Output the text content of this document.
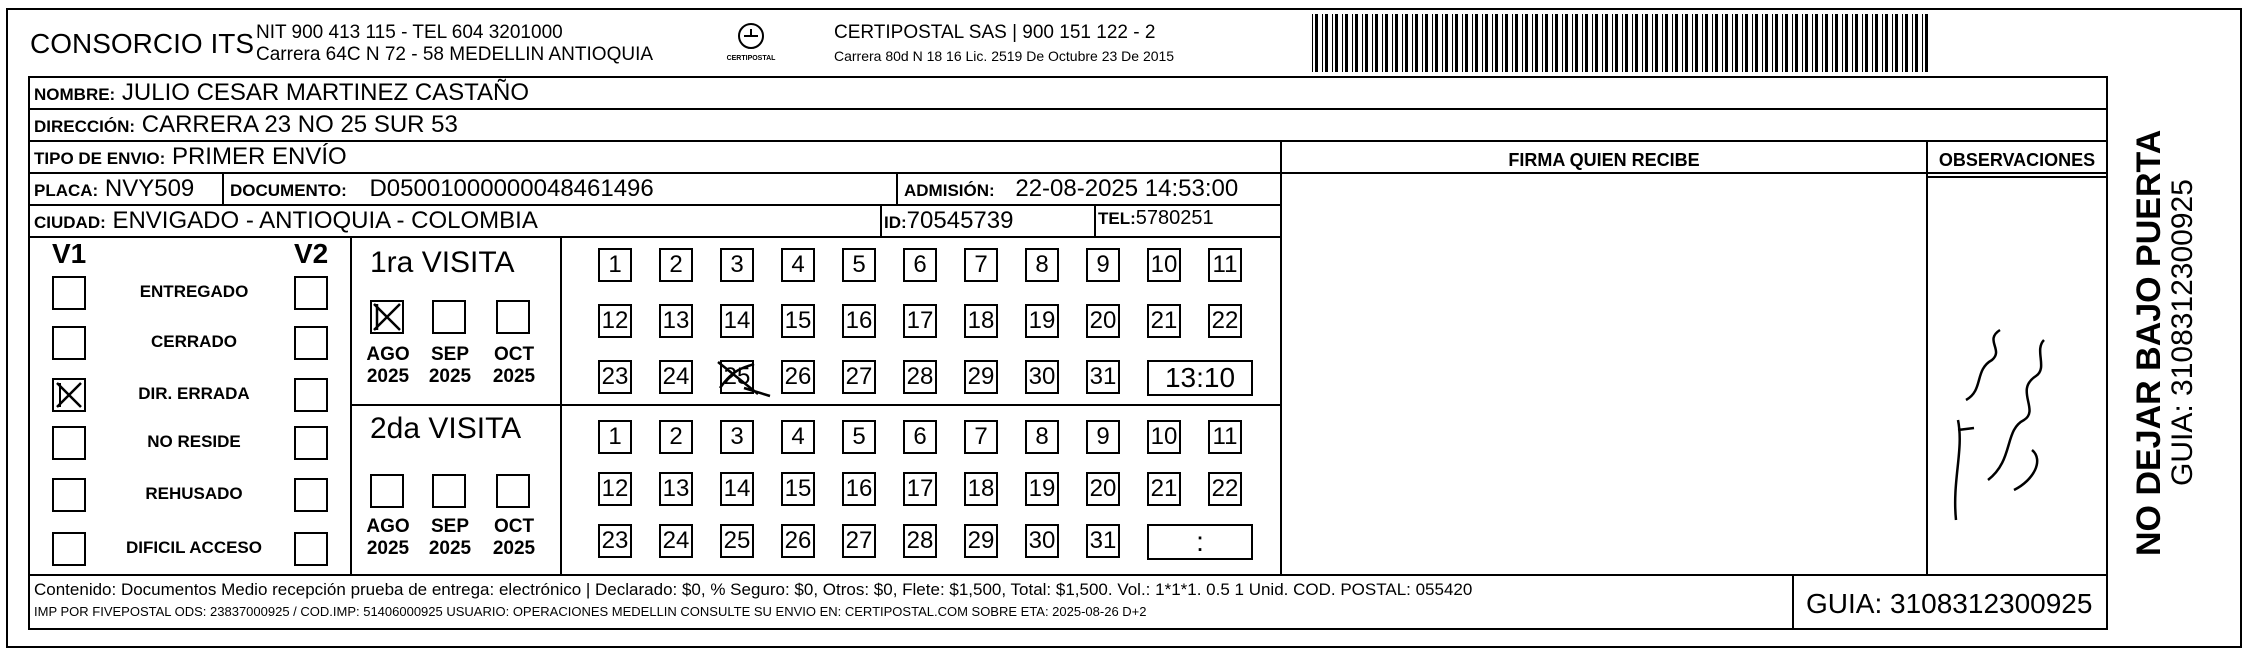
CONSORCIO ITS NIT 900 413 115 - TEL 604 3201000
Carrera 64C N 72 - 58 MEDELLIN ANTIOQUIA	CERTIPOSTAL
CERTIPOSTAL SAS | 900 151 122 - 2
Carrera 80d N 18 16 Lic. 2519 De Octubre 23 De 2015
NOMBRE: JULIO CESAR MARTINEZ CASTAÑO
DIRECCIÓN: CARRERA 23 NO 25 SUR 53
TIPO DE ENVIO: PRIMER ENVÍO
PLACA: NVY509 DOCUMENTO: D05001000000048461496	ADMISIÓN: 22-08-2025 14:53:00
CIUDAD: ENVIGADO - ANTIOQUIA - COLOMBIA	ID:70545739	TEL:5780251
FIRMA QUIEN RECIBE	OBSERVACIONES
V1	V2
ENTREGADO
CERRADO
DIR. ERRADA
NO RESIDE
REHUSADO
DIFICIL ACCESO
1ra VISITA
AGO
2025
SEP
2025
OCT
2025
1	2	3	4	5	6	7	8	9	10 11
12 13 14 15 16 17 18 19 20 21 22
23 24 25 26 27 28 29 30 31	13:10
2da VISITA
AGO
2025
SEP
2025
OCT
2025
1	2	3	4	5	6	7	8	9	10 11
12 13 14 15 16 17 18 19 20 21 22
23 24 25 26 27 28 29 30 31	:
Contenido: Documentos Medio recepción prueba de entrega: electrónico | Declarado: $0, % Seguro: $0, Otros: $0, Flete: $1,500, Total: $1,500. Vol.: 1*1*1. 0.5 1 Unid. COD. POSTAL: 055420
IMP POR FIVEPOSTAL ODS: 23837000925 / COD.IMP: 51406000925 USUARIO: OPERACIONES MEDELLIN CONSULTE SU ENVIO EN: CERTIPOSTAL.COM SOBRE ETA: 2025-08-26 D+2	GUIA: 3108312300925
NO DEJAR BAJO PUERTA
GUIA: 3108312300925
